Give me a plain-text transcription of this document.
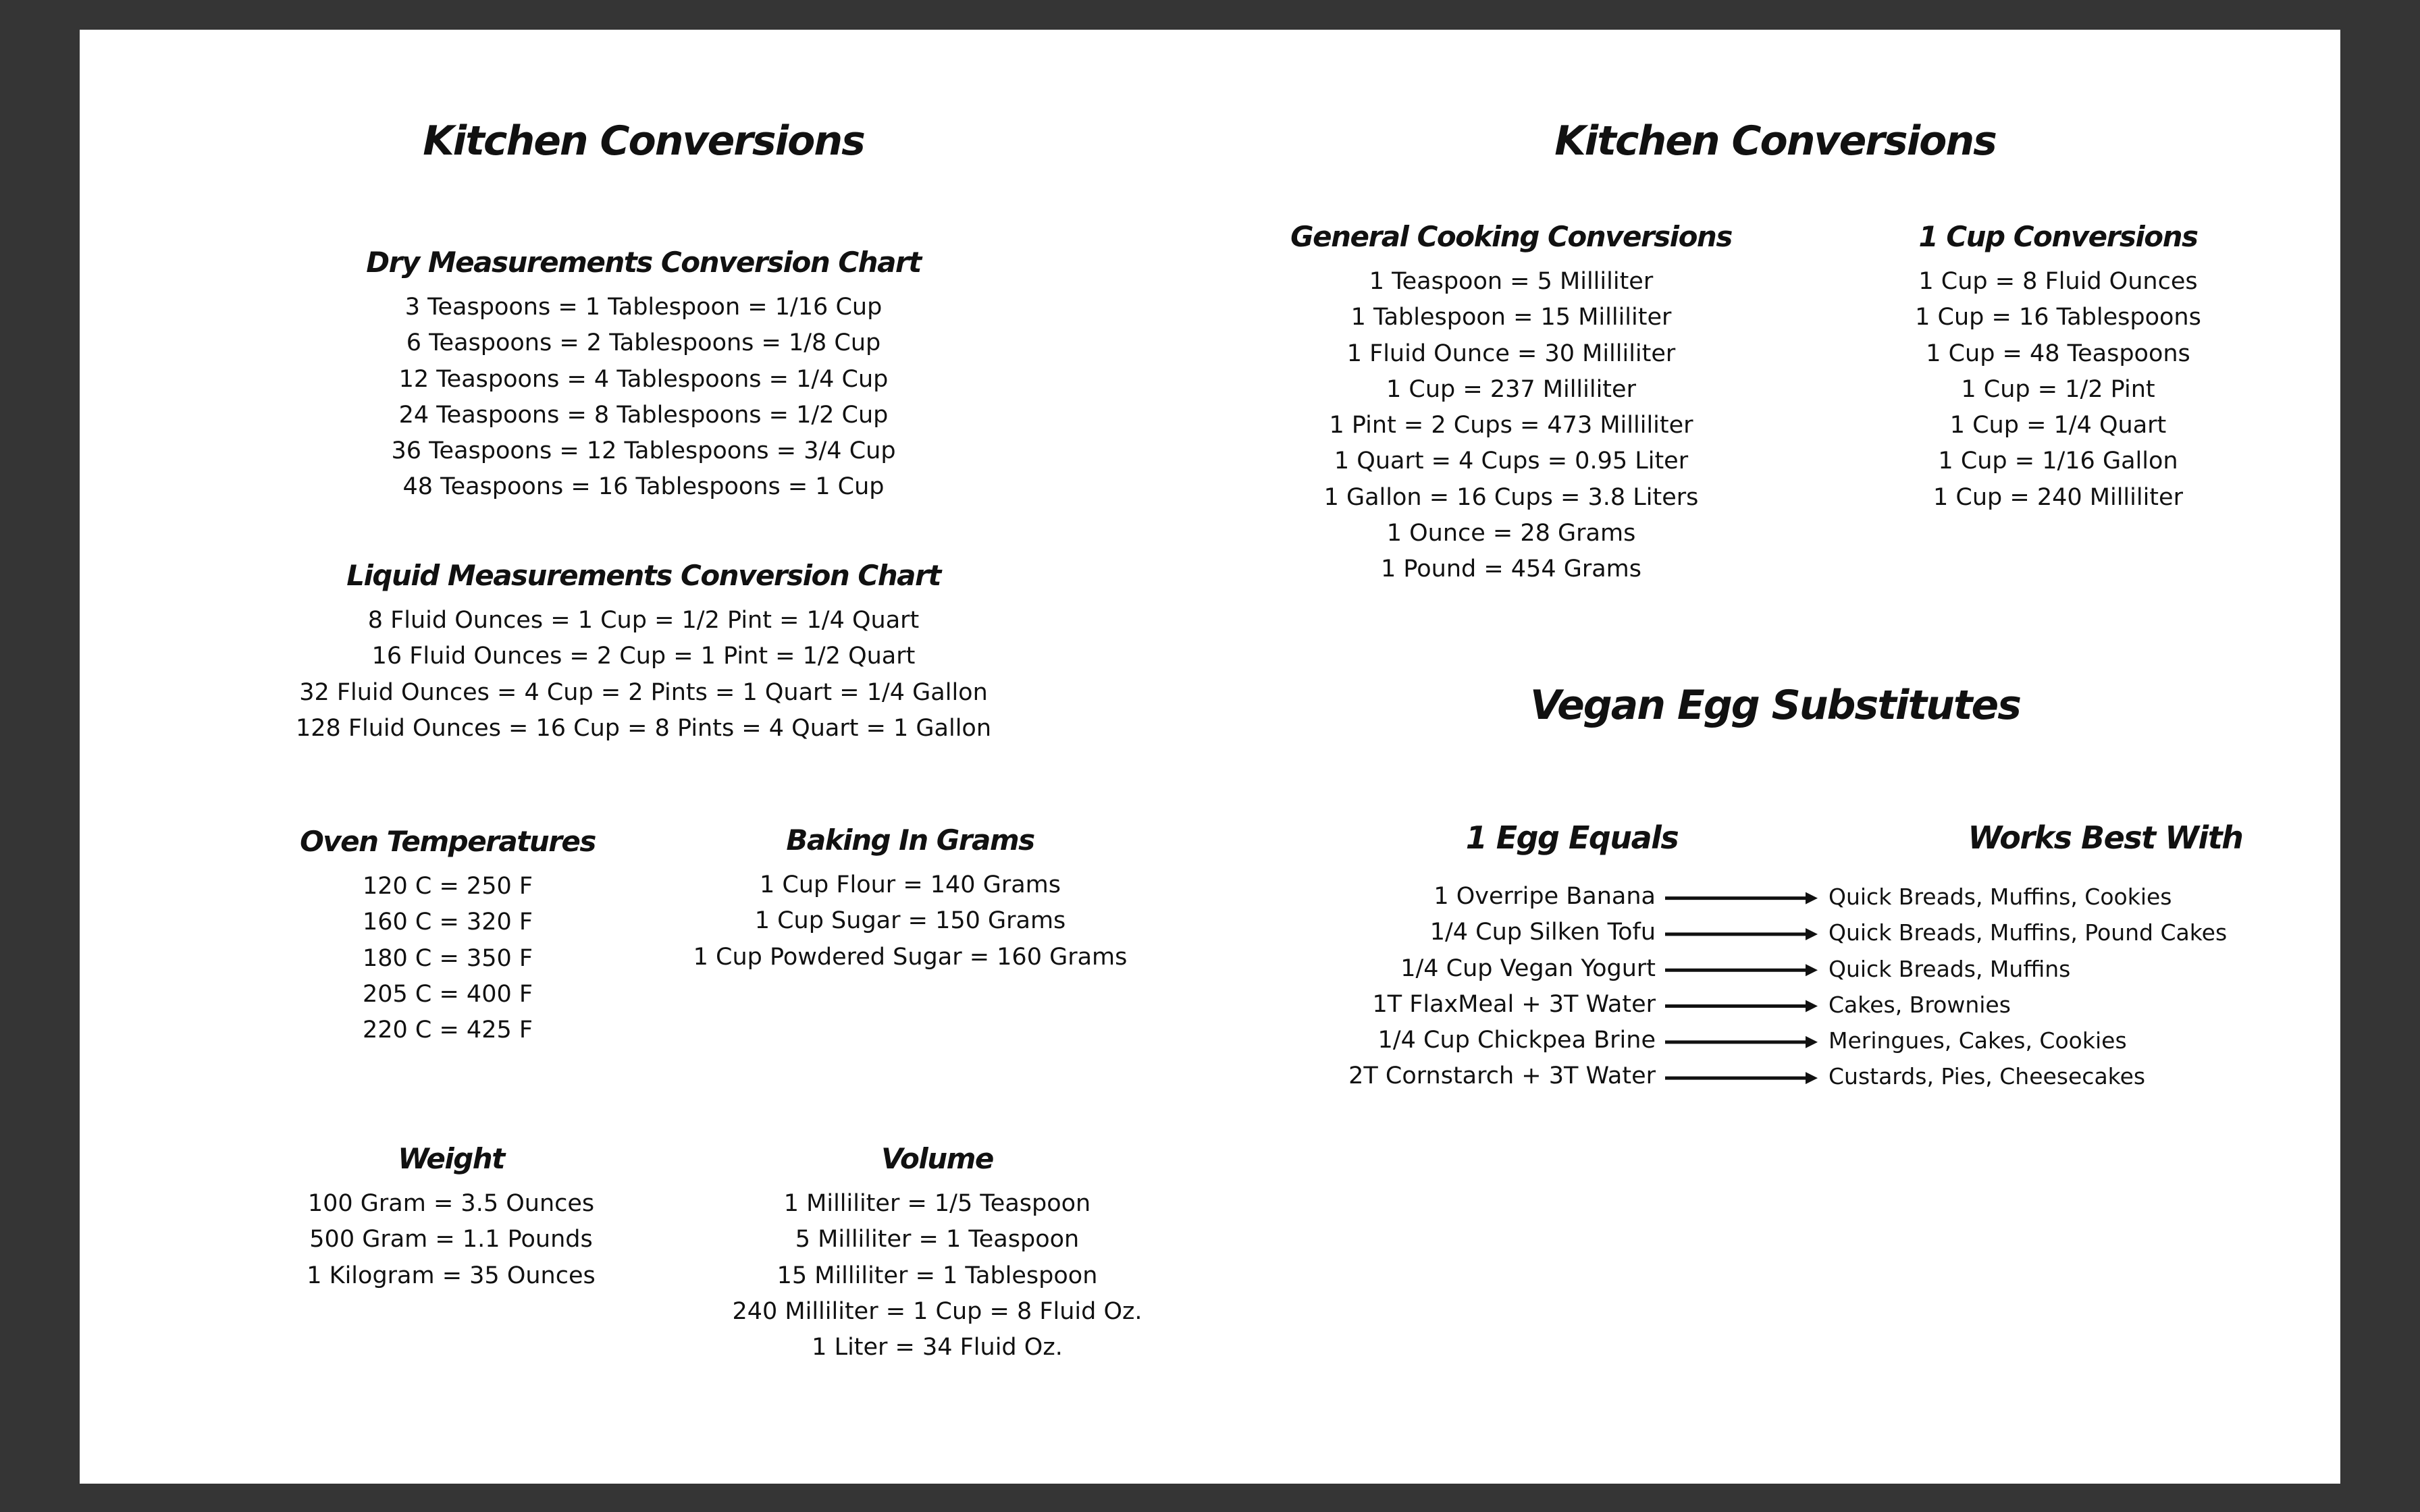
Kitchen Conversions
Dry Measurements Conversion Chart
3 Teaspoons = 1 Tablespoon = 1/16 Cup
6 Teaspoons = 2 Tablespoons = 1/8 Cup
12 Teaspoons = 4 Tablespoons = 1/4 Cup
24 Teaspoons = 8 Tablespoons = 1/2 Cup
36 Teaspoons = 12 Tablespoons = 3/4 Cup
48 Teaspoons = 16 Tablespoons = 1 Cup
Liquid Measurements Conversion Chart
8 Fluid Ounces = 1 Cup = 1/2 Pint = 1/4 Quart
16 Fluid Ounces = 2 Cup = 1 Pint = 1/2 Quart
32 Fluid Ounces = 4 Cup = 2 Pints = 1 Quart = 1/4 Gallon
128 Fluid Ounces = 16 Cup = 8 Pints = 4 Quart = 1 Gallon
Oven Temperatures
120 C = 250 F
160 C = 320 F
180 C = 350 F
205 C = 400 F
220 C = 425 F
Baking In Grams
1 Cup Flour = 140 Grams
1 Cup Sugar = 150 Grams
1 Cup Powdered Sugar = 160 Grams
Weight
100 Gram = 3.5 Ounces
500 Gram = 1.1 Pounds
1 Kilogram = 35 Ounces
Volume
1 Milliliter = 1/5 Teaspoon
5 Milliliter = 1 Teaspoon
15 Milliliter = 1 Tablespoon
240 Milliliter = 1 Cup = 8 Fluid Oz.
1 Liter = 34 Fluid Oz.
Kitchen Conversions
General Cooking Conversions
1 Teaspoon = 5 Milliliter
1 Tablespoon = 15 Milliliter
1 Fluid Ounce = 30 Milliliter
1 Cup = 237 Milliliter
1 Pint = 2 Cups = 473 Milliliter
1 Quart = 4 Cups = 0.95 Liter
1 Gallon = 16 Cups = 3.8 Liters
1 Ounce = 28 Grams
1 Pound = 454 Grams
1 Cup Conversions
1 Cup = 8 Fluid Ounces
1 Cup = 16 Tablespoons
1 Cup = 48 Teaspoons
1 Cup = 1/2 Pint
1 Cup = 1/4 Quart
1 Cup = 1/16 Gallon
1 Cup = 240 Milliliter
Vegan Egg Substitutes
1 Egg Equals	Works Best With
1 Overripe Banana
1/4 Cup Silken Tofu
1/4 Cup Vegan Yogurt
1T FlaxMeal + 3T Water
1/4 Cup Chickpea Brine
2T Cornstarch + 3T Water
Quick Breads, Muffins, Cookies
Quick Breads, Muffins, Pound Cakes
Quick Breads, Muffins
Cakes, Brownies
Meringues, Cakes, Cookies
Custards, Pies, Cheesecakes
